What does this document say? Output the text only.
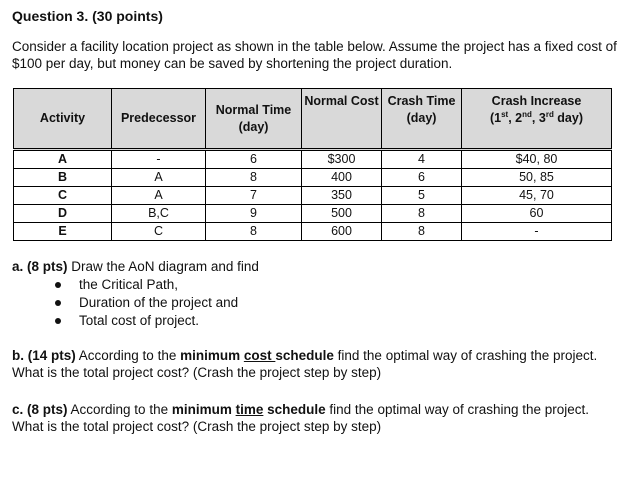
Question 3. (30 points)
Consider a facility location project as shown in the table below. Assume the project has a fixed cost of $100 per day, but money can be saved by shortening the project duration.
Activity	Predecessor	Normal Time (day)	Normal Cost	Crash Time (day)	Crash Increase
(1st, 2nd, 3rd day)

A	-	6	$300	4	$40, 80
B	A	8	400	6	50, 85
C	A	7	350	5	45, 70
D	B,C	9	500	8	60
E	C	8	600	8	-
a. (8 pts) Draw the AoN diagram and find
the Critical Path,
Duration of the project and
Total cost of project.
b. (14 pts) According to the minimum cost schedule find the optimal way of crashing the project. What is the total project cost? (Crash the project step by step)
c. (8 pts) According to the minimum time schedule find the optimal way of crashing the project. What is the total project cost? (Crash the project step by step)
